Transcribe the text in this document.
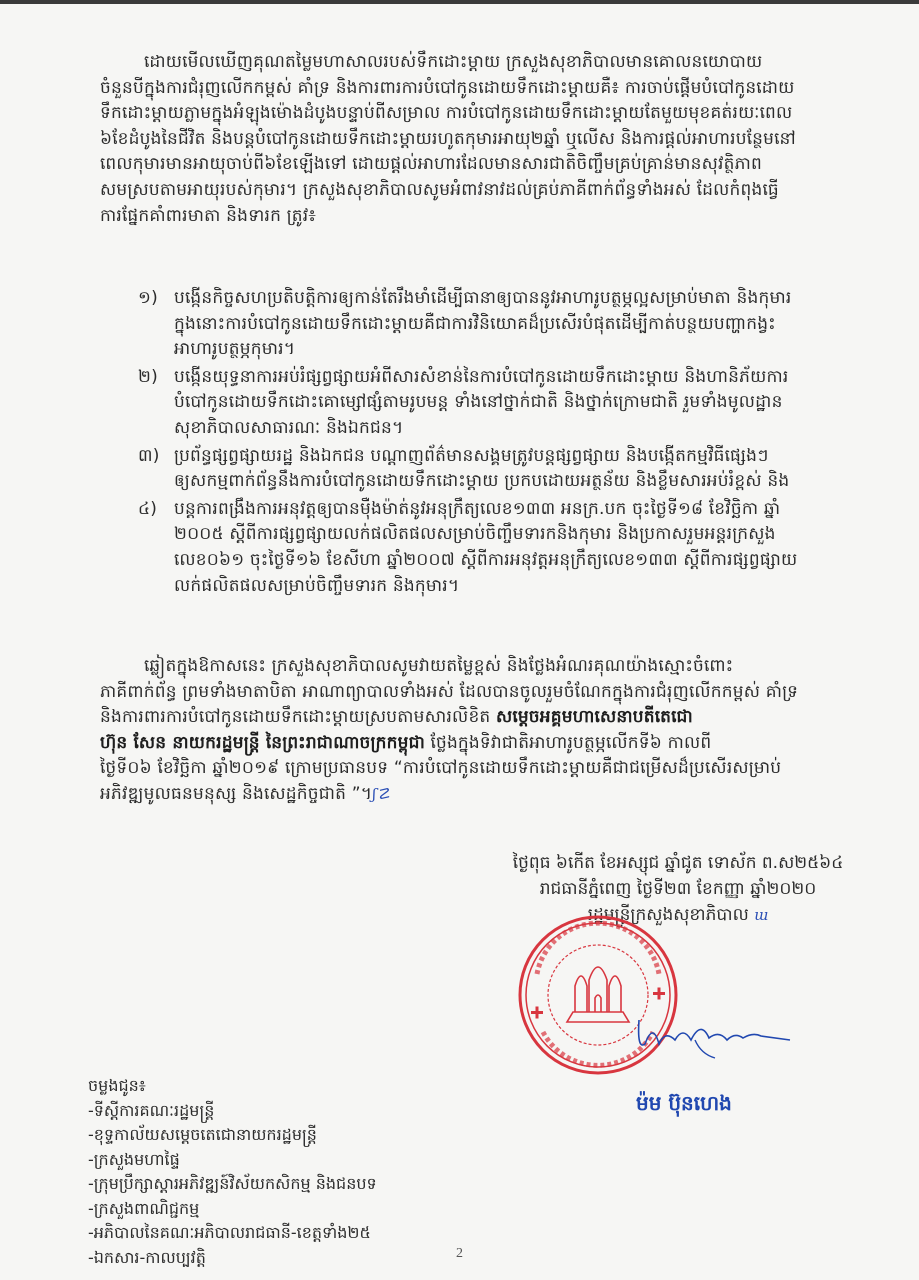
ដោយមើលឃើញគុណតម្លៃមហាសាលរបស់ទឹកដោះម្ដាយ ក្រសួងសុខាភិបាលមានគោលនយោបាយ
ចំនួនបីក្នុងការជំរុញលើកកម្ពស់ គាំទ្រ និងការពារការបំបៅកូនដោយទឹកដោះម្ដាយគឺ៖ ការចាប់ផ្ដើមបំបៅកូនដោយ
ទឹកដោះម្ដាយភ្លាមក្នុងអំឡុងម៉ោងដំបូងបន្ទាប់ពីសម្រាល ការបំបៅកូនដោយទឹកដោះម្ដាយតែមួយមុខគត់រយៈពេល
៦ខែដំបូងនៃជីវិត និងបន្តបំបៅកូនដោយទឹកដោះម្ដាយរហូតកុមារអាយុ២ឆ្នាំ ឬលើស និងការផ្ដល់អាហារបន្ថែមនៅ
ពេលកុមារមានអាយុចាប់ពី៦ខែឡើងទៅ ដោយផ្ដល់អាហារដែលមានសារជាតិចិញ្ចឹមគ្រប់គ្រាន់មានសុវត្ថិភាព
សមស្របតាមអាយុរបស់កុមារ។ ក្រសួងសុខាភិបាលសូមអំពាវនាវដល់គ្រប់ភាគីពាក់ព័ន្ធទាំងអស់ ដែលកំពុងធ្វើ
ការផ្នែកគាំពារមាតា និងទារក ត្រូវ៖
១) បង្កើនកិច្ចសហប្រតិបត្តិការឲ្យកាន់តែរឹងមាំដើម្បីធានាឲ្យបាននូវអាហារូបត្ថម្ភល្អសម្រាប់មាតា និងកុមារ
ក្នុងនោះការបំបៅកូនដោយទឹកដោះម្ដាយគឺជាការវិនិយោគដ៏ប្រសើរបំផុតដើម្បីកាត់បន្ថយបញ្ហាកង្វះ
អាហារូបត្ថម្ភកុមារ។
២) បង្កើនយុទ្ធនាការអប់រំផ្សព្វផ្សាយអំពីសារសំខាន់នៃការបំបៅកូនដោយទឹកដោះម្ដាយ និងហានិភ័យការ
បំបៅកូនដោយទឹកដោះគោម្សៅផ្សំតាមរូបមន្ត ទាំងនៅថ្នាក់ជាតិ និងថ្នាក់ក្រោមជាតិ រួមទាំងមូលដ្ឋាន
សុខាភិបាលសាធារណៈ និងឯកជន។
៣) ប្រព័ន្ធផ្សព្វផ្សាយរដ្ឋ និងឯកជន បណ្ដាញព័ត៌មានសង្គមត្រូវបន្តផ្សព្វផ្សាយ និងបង្កើតកម្មវិធីផ្សេងៗ
ឲ្យសកម្មពាក់ព័ន្ធនឹងការបំបៅកូនដោយទឹកដោះម្ដាយ ប្រកបដោយអត្ថន័យ និងខ្លឹមសារអប់រំខ្ពស់ និង
៤) បន្តការពង្រឹងការអនុវត្តឲ្យបានម៉ឺងម៉ាត់នូវអនុក្រឹត្យលេខ១៣៣ អនក្រ.បក ចុះថ្ងៃទី១៨ ខែវិច្ឆិកា ឆ្នាំ
២០០៥ ស្ដីពីការផ្សព្វផ្សាយលក់ផលិតផលសម្រាប់ចិញ្ចឹមទារកនិងកុមារ និងប្រកាសរួមអន្តរក្រសួង
លេខ០៦១ ចុះថ្ងៃទី១៦ ខែសីហា ឆ្នាំ២០០៧ ស្ដីពីការអនុវត្តអនុក្រឹត្យលេខ១៣៣ ស្ដីពីការផ្សព្វផ្សាយ
លក់ផលិតផលសម្រាប់ចិញ្ចឹមទារក និងកុមារ។
ឆ្លៀតក្នុងឱកាសនេះ ក្រសួងសុខាភិបាលសូមវាយតម្លៃខ្ពស់ និងថ្លែងអំណរគុណយ៉ាងស្មោះចំពោះ
ភាគីពាក់ព័ន្ធ ព្រមទាំងមាតាបិតា អាណាព្យាបាលទាំងអស់ ដែលបានចូលរួមចំណែកក្នុងការជំរុញលើកកម្ពស់ គាំទ្រ
និងការពារការបំបៅកូនដោយទឹកដោះម្ដាយស្របតាមសារលិខិត សម្ដេចអគ្គមហាសេនាបតីតេជោ
ហ៊ុន សែន នាយករដ្ឋមន្ត្រី នៃព្រះរាជាណាចក្រកម្ពុជា ថ្លែងក្នុងទិវាជាតិអាហារូបត្ថម្ភលើកទី៦ កាលពី
ថ្ងៃទី០៦ ខែវិច្ឆិកា ឆ្នាំ២០១៩ ក្រោមប្រធានបទ “ការបំបៅកូនដោយទឹកដោះម្ដាយគឺជាជម្រើសដ៏ប្រសើរសម្រាប់
អភិវឌ្ឍមូលធនមនុស្ស និងសេដ្ឋកិច្ចជាតិ ”។ʃ☡
ថ្ងៃពុធ ៦កើត ខែអស្សុជ ឆ្នាំជូត ទោស័ក ព.ស២៥៦៤
រាជធានីភ្នំពេញ ថ្ងៃទី២៣ ខែកញ្ញា ឆ្នាំ២០២០
រដ្ឋមន្ត្រីក្រសួងសុខាភិបាល ɯ
ម៉ម ប៊ុនហេង
ចម្លងជូន៖
-ទីស្ដីការគណៈរដ្ឋមន្ត្រី
-ខុទ្ទកាល័យសម្ដេចតេជោនាយករដ្ឋមន្ត្រី
-ក្រសួងមហាផ្ទៃ
-ក្រុមប្រឹក្សាស្ដារអភិវឌ្ឍន៍វិស័យកសិកម្ម និងជនបទ
-ក្រសួងពាណិជ្ជកម្ម
-អភិបាលនៃគណៈអភិបាលរាជធានី-ខេត្តទាំង២៥
-ឯកសារ-កាលប្បវត្តិ	2
